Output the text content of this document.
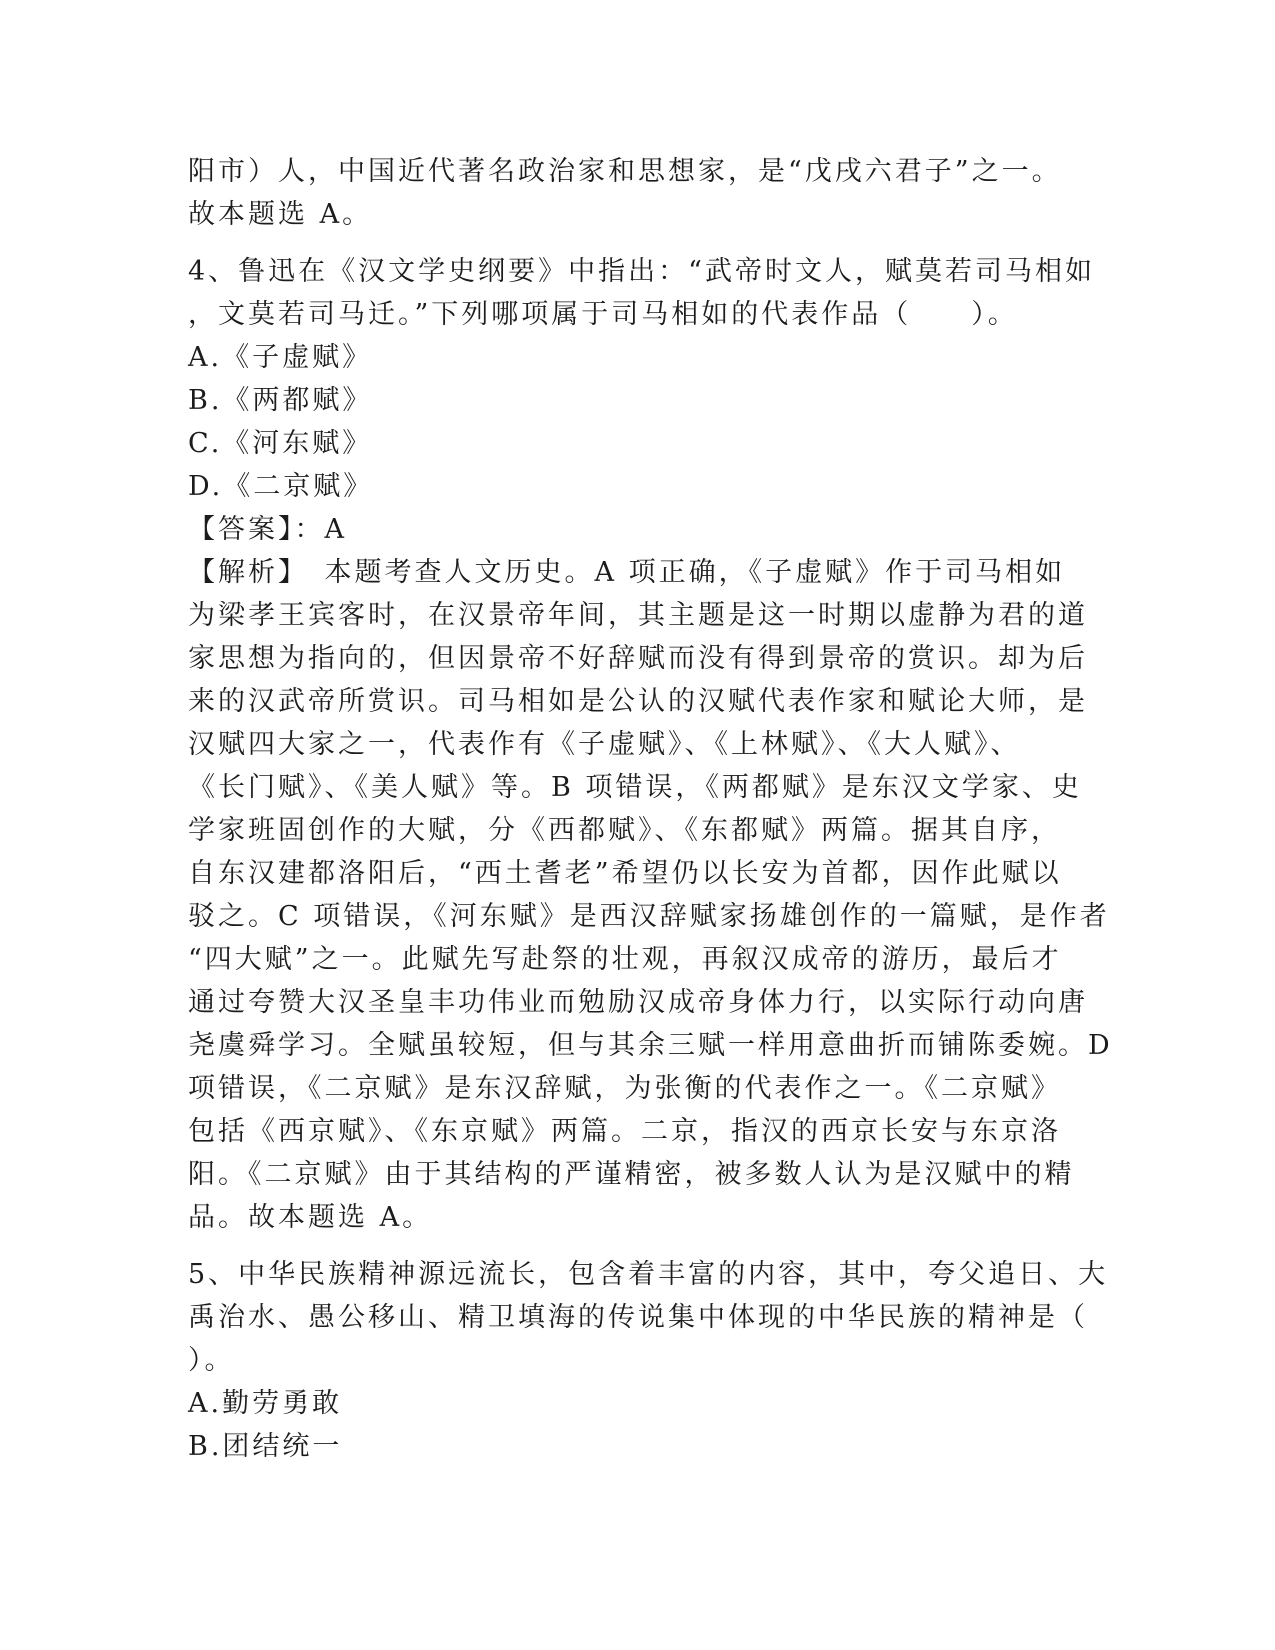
阳市）人，中国近代著名政治家和思想家，是“戊戌六君子”之一。
故本题选 A。
4、鲁迅在《汉文学史纲要》中指出：“武帝时文人，赋莫若司马相如
，文莫若司马迁。”下列哪项属于司马相如的代表作品（　　）。
A.《子虚赋》
B.《两都赋》
C.《河东赋》
D.《二京赋》
【答案】：A
【解析】　本题考查人文历史。A 项正确，《子虚赋》作于司马相如
为梁孝王宾客时，在汉景帝年间，其主题是这一时期以虚静为君的道
家思想为指向的，但因景帝不好辞赋而没有得到景帝的赏识。却为后
来的汉武帝所赏识。司马相如是公认的汉赋代表作家和赋论大师，是
汉赋四大家之一，代表作有《子虚赋》、《上林赋》、《大人赋》、
《长门赋》、《美人赋》等。B 项错误，《两都赋》是东汉文学家、史
学家班固创作的大赋，分《西都赋》、《东都赋》两篇。据其自序，
自东汉建都洛阳后，“西土耆老”希望仍以长安为首都，因作此赋以
驳之。C 项错误，《河东赋》是西汉辞赋家扬雄创作的一篇赋，是作者
“四大赋”之一。此赋先写赴祭的壮观，再叙汉成帝的游历，最后才
通过夸赞大汉圣皇丰功伟业而勉励汉成帝身体力行，以实际行动向唐
尧虞舜学习。全赋虽较短，但与其余三赋一样用意曲折而铺陈委婉。D
项错误，《二京赋》是东汉辞赋，为张衡的代表作之一。《二京赋》
包括《西京赋》、《东京赋》两篇。二京，指汉的西京长安与东京洛
阳。《二京赋》由于其结构的严谨精密，被多数人认为是汉赋中的精
品。故本题选 A。
5、中华民族精神源远流长，包含着丰富的内容，其中，夸父追日、大
禹治水、愚公移山、精卫填海的传说集中体现的中华民族的精神是（
）。
A.勤劳勇敢
B.团结统一
